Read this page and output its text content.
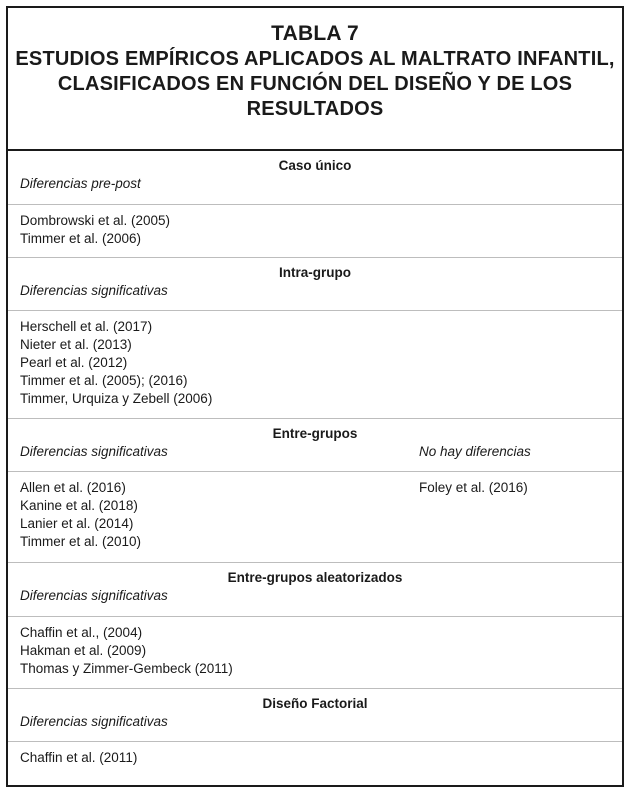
TABLA 7
ESTUDIOS EMPÍRICOS APLICADOS AL MALTRATO INFANTIL,
CLASIFICADOS EN FUNCIÓN DEL DISEÑO Y DE LOS
RESULTADOS
Caso único
Diferencias pre-post
Dombrowski et al. (2005)
Timmer et al. (2006)
Intra-grupo
Diferencias significativas
Herschell et al. (2017)
Nieter et al. (2013)
Pearl et al. (2012)
Timmer et al. (2005); (2016)
Timmer, Urquiza y Zebell (2006)
Entre-grupos
Diferencias significativas	No hay diferencias
Allen et al. (2016)
Kanine et al. (2018)
Lanier et al. (2014)
Timmer et al. (2010)
Foley et al. (2016)
Entre-grupos aleatorizados
Diferencias significativas
Chaffin et al., (2004)
Hakman et al. (2009)
Thomas y Zimmer-Gembeck (2011)
Diseño Factorial
Diferencias significativas
Chaffin et al. (2011)
